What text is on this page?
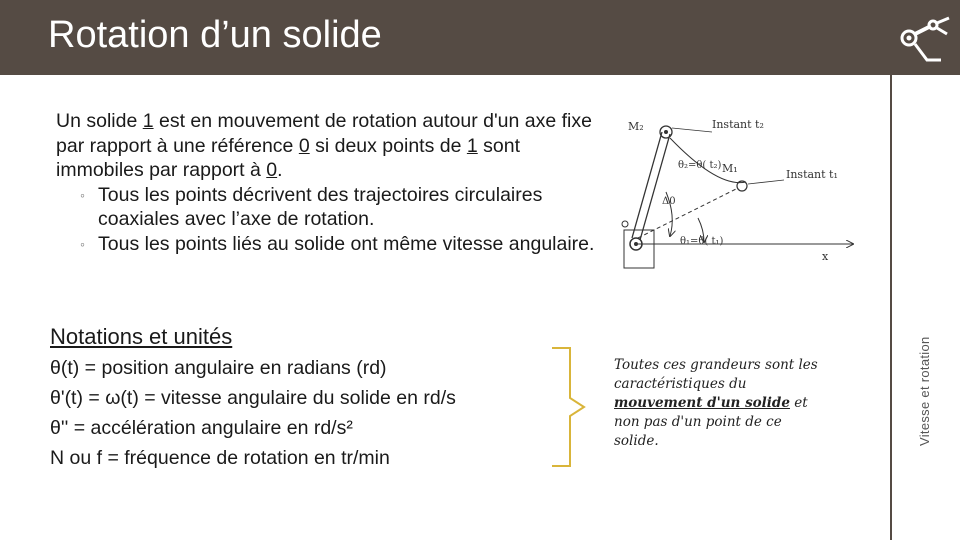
Rotation d’un solide
Vitesse et rotation

Un solide 1 est en mouvement de rotation autour d'un axe fixe par rapport à une référence 0 si deux points de 1 sont immobiles par rapport à 0.

◦ Tous les points décrivent des trajectoires circulaires coaxiales avec l’axe de rotation.
◦ Tous les points liés au solide ont même vitesse angulaire.
M₂	Instant t₂
θ₂=θ( t₂) M₁	Instant t₁
Δ0
θ₁=θ( t₁)
x
Notations et unités
θ(t) = position angulaire en radians (rd)
θ'(t) = ω(t) = vitesse angulaire du solide en rd/s
θ'' = accélération angulaire en rd/s²
N ou f = fréquence de rotation en tr/min
Toutes ces grandeurs sont les caractéristiques du mouvement d'un solide et non pas d'un point de ce solide.
